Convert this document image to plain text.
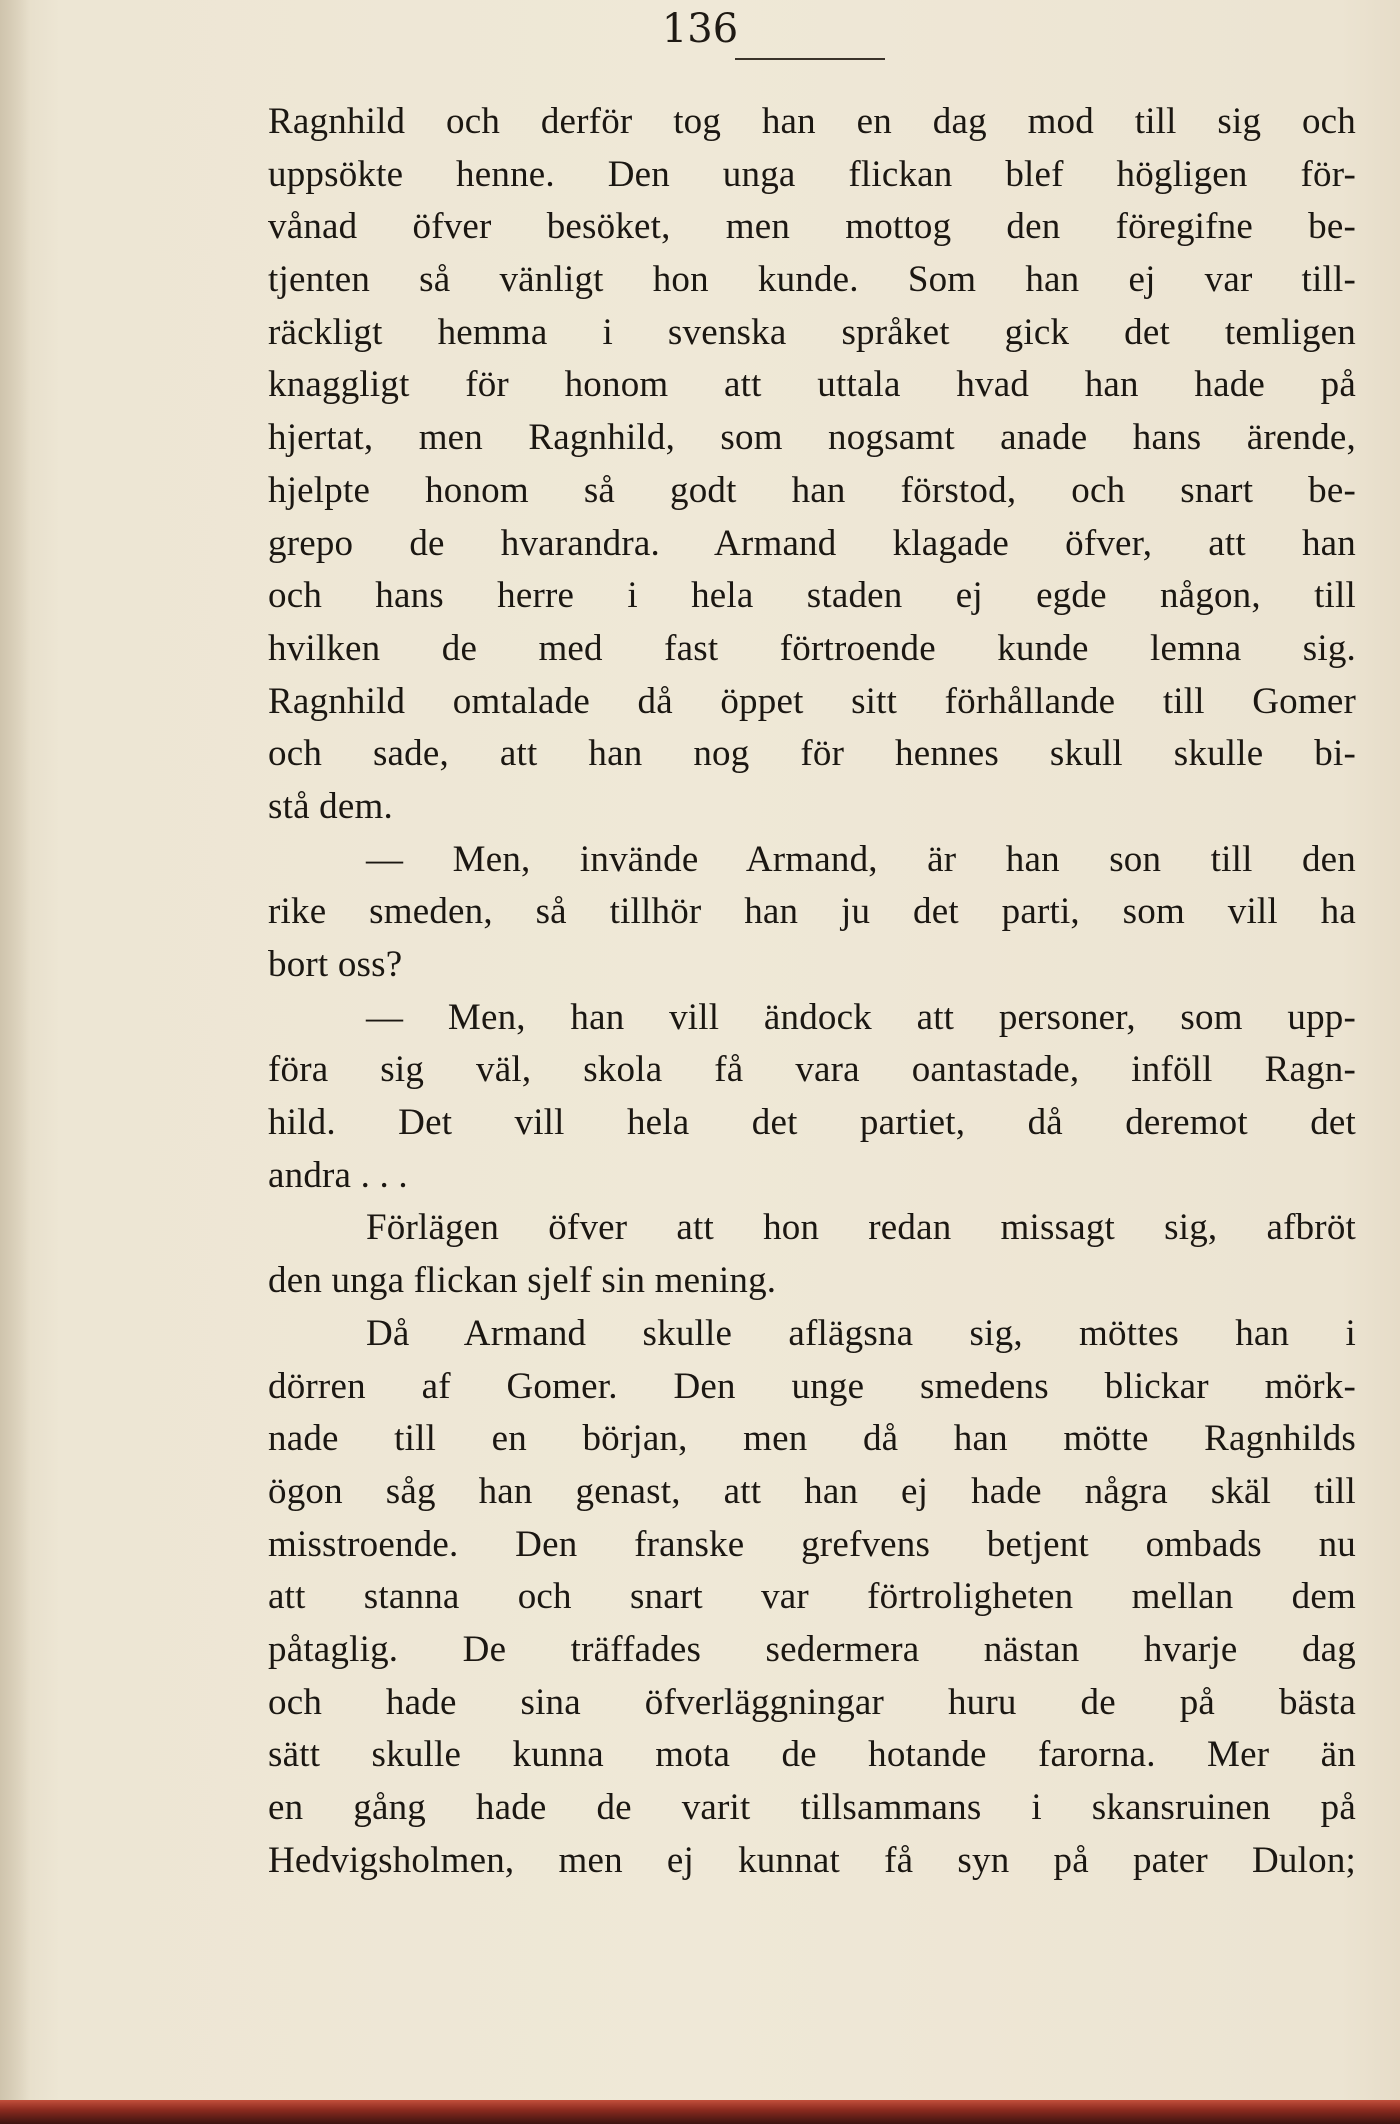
136
Ragnhild och derför tog han en dag mod till sig och
uppsökte henne. Den unga flickan blef högligen för-
vånad öfver besöket, men mottog den föregifne be-
tjenten så vänligt hon kunde. Som han ej var till-
räckligt hemma i svenska språket gick det temligen
knaggligt för honom att uttala hvad han hade på
hjertat, men Ragnhild, som nogsamt anade hans ärende,
hjelpte honom så godt han förstod, och snart be-
grepo de hvarandra. Armand klagade öfver, att han
och hans herre i hela staden ej egde någon, till
hvilken de med fast förtroende kunde lemna sig.
Ragnhild omtalade då öppet sitt förhållande till Gomer
och sade, att han nog för hennes skull skulle bi-
stå dem.
— Men, invände Armand, är han son till den
rike smeden, så tillhör han ju det parti, som vill ha
bort oss?
— Men, han vill ändock att personer, som upp-
föra sig väl, skola få vara oantastade, inföll Ragn-
hild. Det vill hela det partiet, då deremot det
andra . . .
Förlägen öfver att hon redan missagt sig, afbröt
den unga flickan sjelf sin mening.
Då Armand skulle aflägsna sig, möttes han i
dörren af Gomer. Den unge smedens blickar mörk-
nade till en början, men då han mötte Ragnhilds
ögon såg han genast, att han ej hade några skäl till
misstroende. Den franske grefvens betjent ombads nu
att stanna och snart var förtroligheten mellan dem
påtaglig. De träffades sedermera nästan hvarje dag
och hade sina öfverläggningar huru de på bästa
sätt skulle kunna mota de hotande farorna. Mer än
en gång hade de varit tillsammans i skansruinen på
Hedvigsholmen, men ej kunnat få syn på pater Dulon;
